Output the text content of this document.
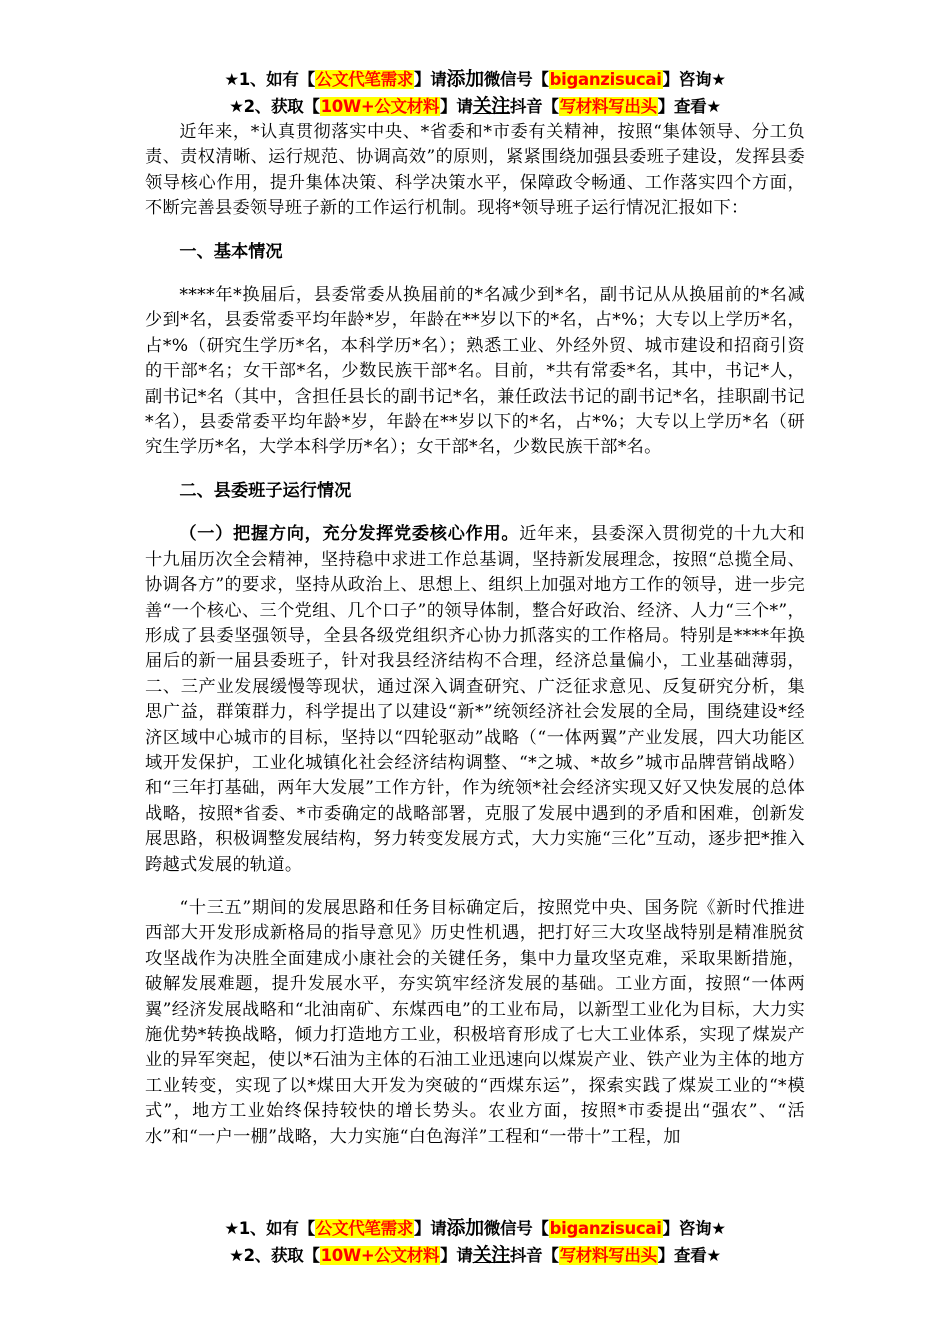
★1、如有【公文代笔需求】请添加微信号【biganzisucai】咨询★
★2、获取【10W+公文材料】请关注抖音【写材料写出头】查看★

近年来，*认真贯彻落实中央、*省委和*市委有关精神，按照“集体领导、分工负责、责权清晰、运行规范、协调高效”的原则，紧紧围绕加强县委班子建设，发挥县委领导核心作用，提升集体决策、科学决策水平，保障政令畅通、工作落实四个方面，不断完善县委领导班子新的工作运行机制。现将*领导班子运行情况汇报如下：

一、基本情况

****年*换届后，县委常委从换届前的*名减少到*名，副书记从从换届前的*名减少到*名，县委常委平均年龄*岁，年龄在**岁以下的*名，占*%；大专以上学历*名，占*%（研究生学历*名，本科学历*名）；熟悉工业、外经外贸、城市建设和招商引资的干部*名；女干部*名，少数民族干部*名。目前，*共有常委*名，其中，书记*人，副书记*名（其中，含担任县长的副书记*名，兼任政法书记的副书记*名，挂职副书记*名），县委常委平均年龄*岁，年龄在**岁以下的*名，占*%；大专以上学历*名（研究生学历*名，大学本科学历*名）；女干部*名，少数民族干部*名。

二、县委班子运行情况

（一）把握方向，充分发挥党委核心作用。近年来，县委深入贯彻党的十九大和十九届历次全会精神，坚持稳中求进工作总基调，坚持新发展理念，按照“总揽全局、协调各方”的要求，坚持从政治上、思想上、组织上加强对地方工作的领导，进一步完善“一个核心、三个党组、几个口子”的领导体制，整合好政治、经济、人力“三个*”，形成了县委坚强领导，全县各级党组织齐心协力抓落实的工作格局。特别是****年换届后的新一届县委班子，针对我县经济结构不合理，经济总量偏小，工业基础薄弱，二、三产业发展缓慢等现状，通过深入调查研究、广泛征求意见、反复研究分析，集思广益，群策群力，科学提出了以建设“新*”统领经济社会发展的全局，围绕建设*经济区域中心城市的目标，坚持以“四轮驱动”战略（“一体两翼”产业发展，四大功能区域开发保护，工业化城镇化社会经济结构调整、“*之城、*故乡”城市品牌营销战略）和“三年打基础，两年大发展”工作方针，作为统领*社会经济实现又好又快发展的总体战略，按照*省委、*市委确定的战略部署，克服了发展中遇到的矛盾和困难，创新发展思路，积极调整发展结构，努力转变发展方式，大力实施“三化”互动，逐步把*推入跨越式发展的轨道。

“十三五”期间的发展思路和任务目标确定后，按照党中央、国务院《新时代推进西部大开发形成新格局的指导意见》历史性机遇，把打好三大攻坚战特别是精准脱贫攻坚战作为决胜全面建成小康社会的关键任务，集中力量攻坚克难，采取果断措施，破解发展难题，提升发展水平，夯实筑牢经济发展的基础。工业方面，按照“一体两翼”经济发展战略和“北油南矿、东煤西电”的工业布局，以新型工业化为目标，大力实施优势*转换战略，倾力打造地方工业，积极培育形成了七大工业体系，实现了煤炭产业的异军突起，使以*石油为主体的石油工业迅速向以煤炭产业、铁产业为主体的地方工业转变，实现了以*煤田大开发为突破的“西煤东运”，探索实践了煤炭工业的“*模式”，地方工业始终保持较快的增长势头。农业方面，按照*市委提出“强农”、“活水”和“一户一棚”战略，大力实施“白色海洋”工程和“一带十”工程，加

★1、如有【公文代笔需求】请添加微信号【biganzisucai】咨询★
★2、获取【10W+公文材料】请关注抖音【写材料写出头】查看★
